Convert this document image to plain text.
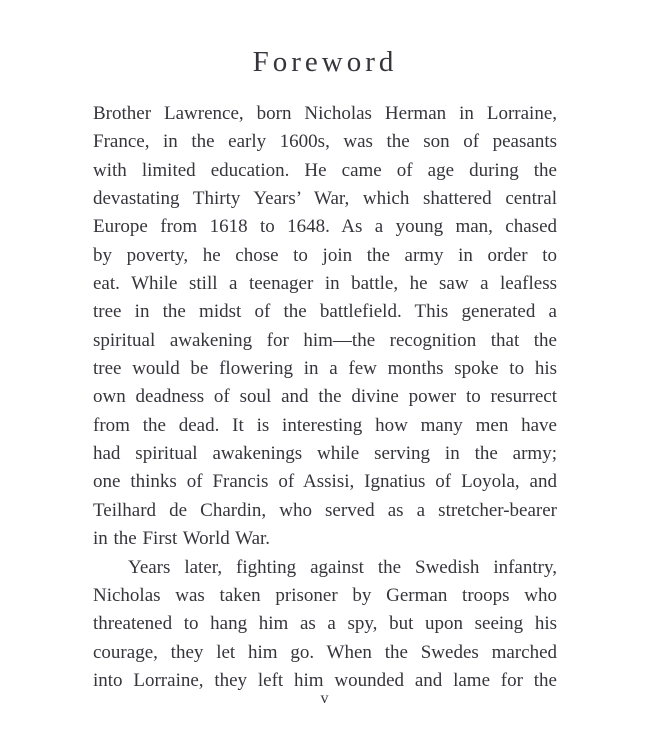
Foreword

Brother Lawrence, born Nicholas Herman in Lorraine,

France, in the early 1600s, was the son of peasants

with limited education. He came of age during the

devastating Thirty Years’ War, which shattered central

Europe from 1618 to 1648. As a young man, chased

by poverty, he chose to join the army in order to

eat. While still a teenager in battle, he saw a leafless

tree in the midst of the battlefield. This generated a

spiritual awakening for him—the recognition that the

tree would be flowering in a few months spoke to his

own deadness of soul and the divine power to resurrect

from the dead. It is interesting how many men have

had spiritual awakenings while serving in the army;

one thinks of Francis of Assisi, Ignatius of Loyola, and

Teilhard de Chardin, who served as a stretcher-bearer

in the First World War.

Years later, fighting against the Swedish infantry,

Nicholas was taken prisoner by German troops who

threatened to hang him as a spy, but upon seeing his

courage, they let him go. When the Swedes marched

into Lorraine, they left him wounded and lame for the

v
